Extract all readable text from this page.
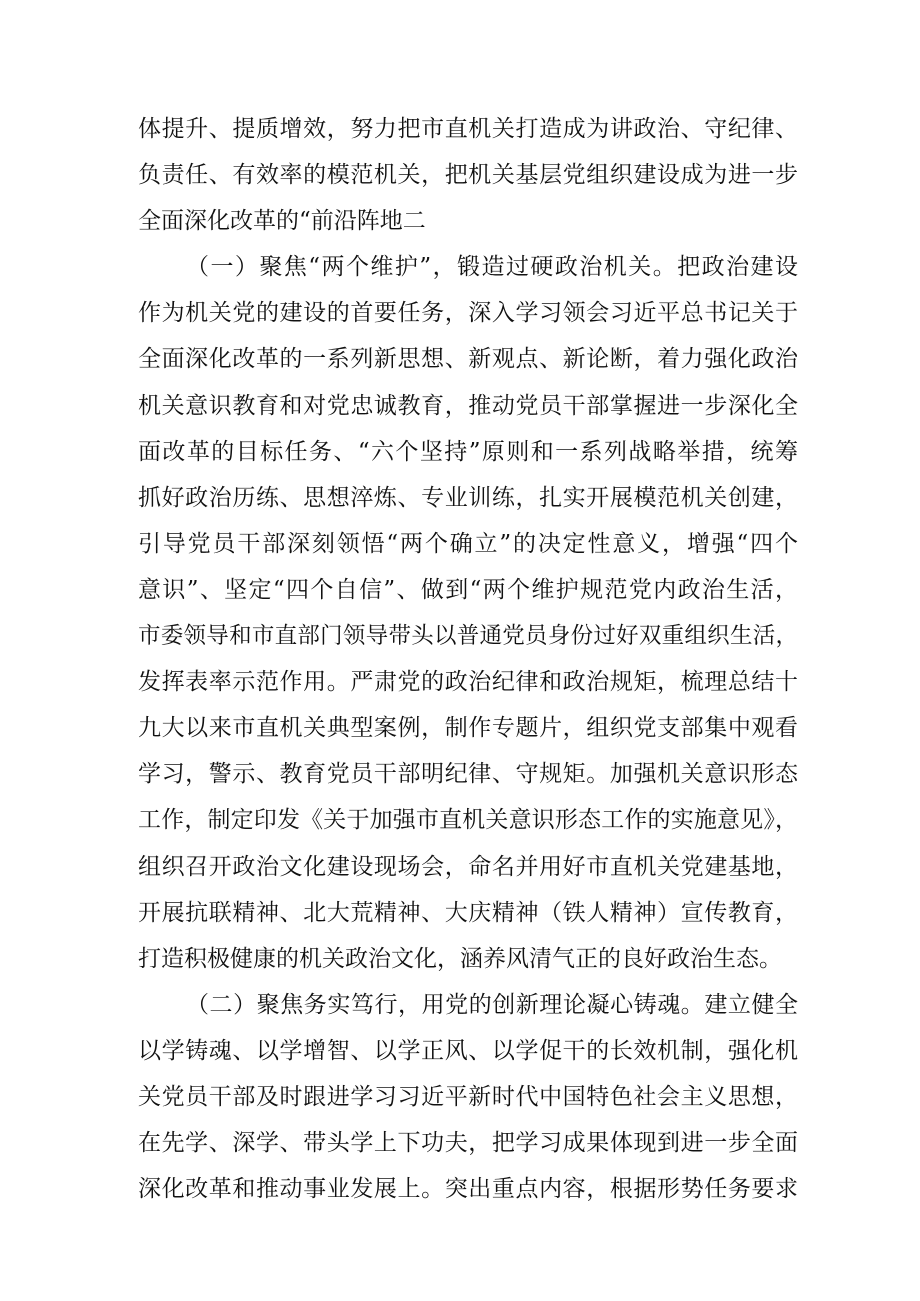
体提升、提质增效，努力把市直机关打造成为讲政治、守纪律、
负责任、有效率的模范机关，把机关基层党组织建设成为进一步
全面深化改革的“前沿阵地二
（一）聚焦“两个维护”，锻造过硬政治机关。把政治建设
作为机关党的建设的首要任务，深入学习领会习近平总书记关于
全面深化改革的一系列新思想、新观点、新论断，着力强化政治
机关意识教育和对党忠诚教育，推动党员干部掌握进一步深化全
面改革的目标任务、“六个坚持”原则和一系列战略举措，统筹
抓好政治历练、思想淬炼、专业训练，扎实开展模范机关创建，
引导党员干部深刻领悟“两个确立”的决定性意义，增强“四个
意识”、坚定“四个自信”、做到“两个维护规范党内政治生活，
市委领导和市直部门领导带头以普通党员身份过好双重组织生活，
发挥表率示范作用。严肃党的政治纪律和政治规矩，梳理总结十
九大以来市直机关典型案例，制作专题片，组织党支部集中观看
学习，警示、教育党员干部明纪律、守规矩。加强机关意识形态
工作，制定印发《关于加强市直机关意识形态工作的实施意见》，
组织召开政治文化建设现场会，命名并用好市直机关党建基地，
开展抗联精神、北大荒精神、大庆精神（铁人精神）宣传教育，
打造积极健康的机关政治文化，涵养风清气正的良好政治生态。
（二）聚焦务实笃行，用党的创新理论凝心铸魂。建立健全
以学铸魂、以学增智、以学正风、以学促干的长效机制，强化机
关党员干部及时跟进学习习近平新时代中国特色社会主义思想，
在先学、深学、带头学上下功夫，把学习成果体现到进一步全面
深化改革和推动事业发展上。突出重点内容，根据形势任务要求
